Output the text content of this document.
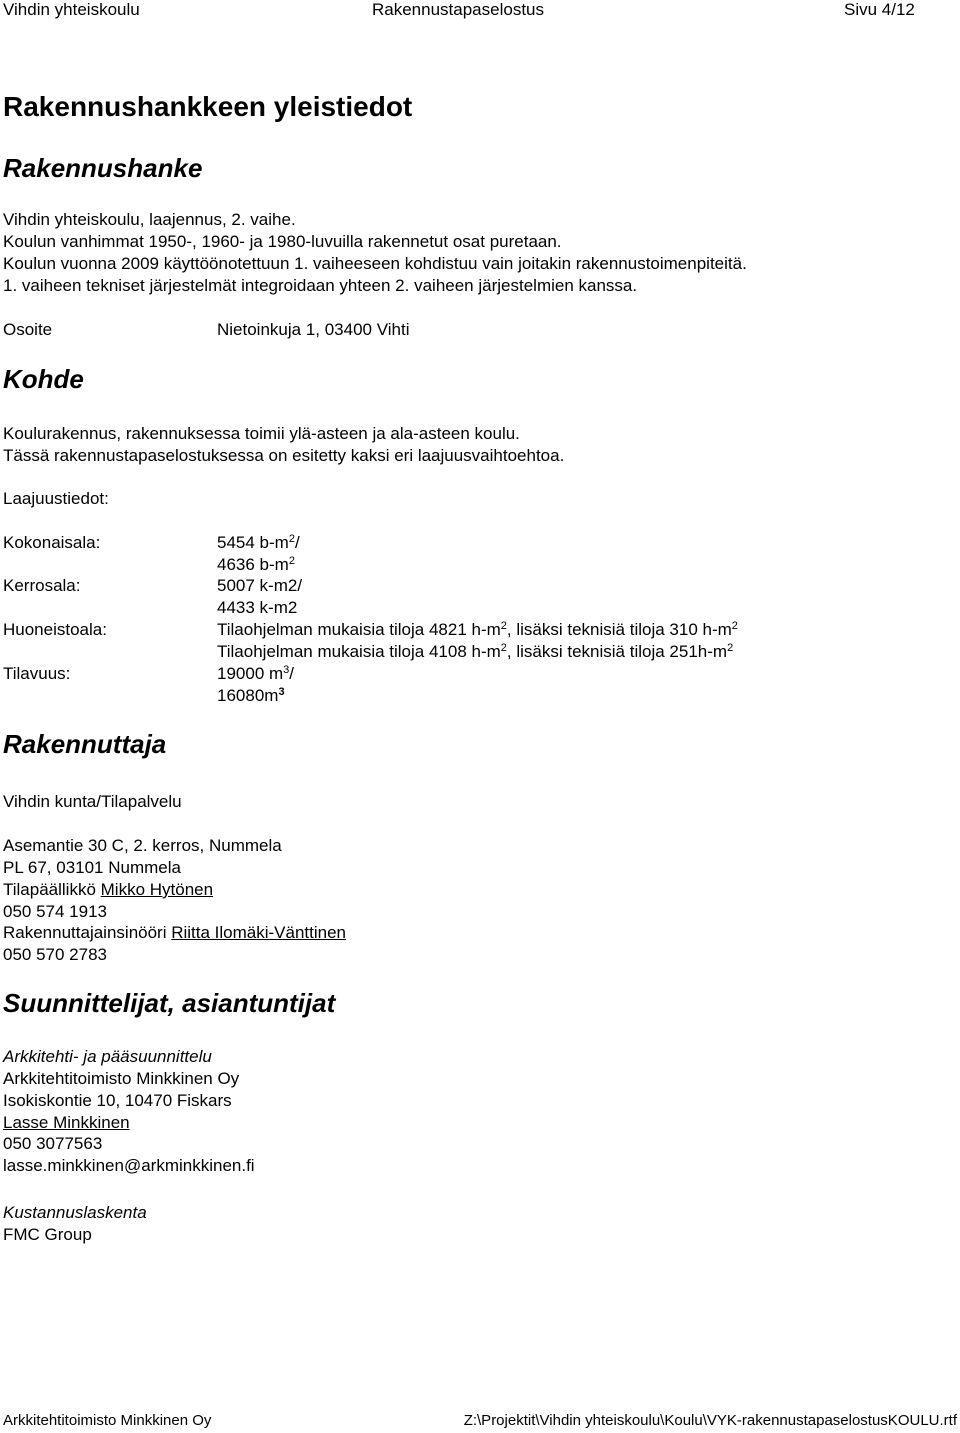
Vihdin yhteiskoulu	Rakennustapaselostus	Sivu 4/12
Rakennushankkeen yleistiedot
Rakennushanke
Vihdin yhteiskoulu, laajennus, 2. vaihe.
Koulun vanhimmat 1950-, 1960- ja 1980-luvuilla rakennetut osat puretaan.
Koulun vuonna 2009 käyttöönotettuun 1. vaiheeseen kohdistuu vain joitakin rakennustoimenpiteitä.
1. vaiheen tekniset järjestelmät integroidaan yhteen 2. vaiheen järjestelmien kanssa.
Osoite	Nietoinkuja 1, 03400 Vihti
Kohde
Koulurakennus, rakennuksessa toimii ylä-asteen ja ala-asteen koulu.
Tässä rakennustapaselostuksessa on esitetty kaksi eri laajuusvaihtoehtoa.
Laajuustiedot:
Kokonaisala:	5454 $b-m^2/$
4636 $b-m^2$
Kerrosala:	5007 k-m2/
4433 k-m2
Huoneistoala:	Tilaohjelman mukaisia tiloja 4821 $h-m^2$, lisäksi teknisiä tiloja 310 $h-m^2$
Tilaohjelman mukaisia tiloja 4108 $h-m^2$, lisäksi teknisiä tiloja $251h-m^2$
Tilavuus:	19000 $m^3/$
$16080m^3$
Rakennuttaja
Vihdin kunta/Tilapalvelu
Asemantie 30 C, 2. kerros, Nummela
PL 67, 03101 Nummela
Tilapäällikkö Mikko Hytönen
050 574 1913
Rakennuttajainsinööri Riitta Ilomäki-Vänttinen
050 570 2783
Suunnittelijat, asiantuntijat
Arkkitehti- ja pääsuunnittelu
Arkkitehtitoimisto Minkkinen Oy
Isokiskontie 10, 10470 Fiskars
Lasse Minkkinen
050 3077563
lasse.minkkinen@arkminkkinen.fi
Kustannuslaskenta
FMC Group
Arkkitehtitoimisto Minkkinen Oy	Z:\Projektit\Vihdin yhteiskoulu\Koulu\VYK-rakennustapaselostusKOULU.rtf
